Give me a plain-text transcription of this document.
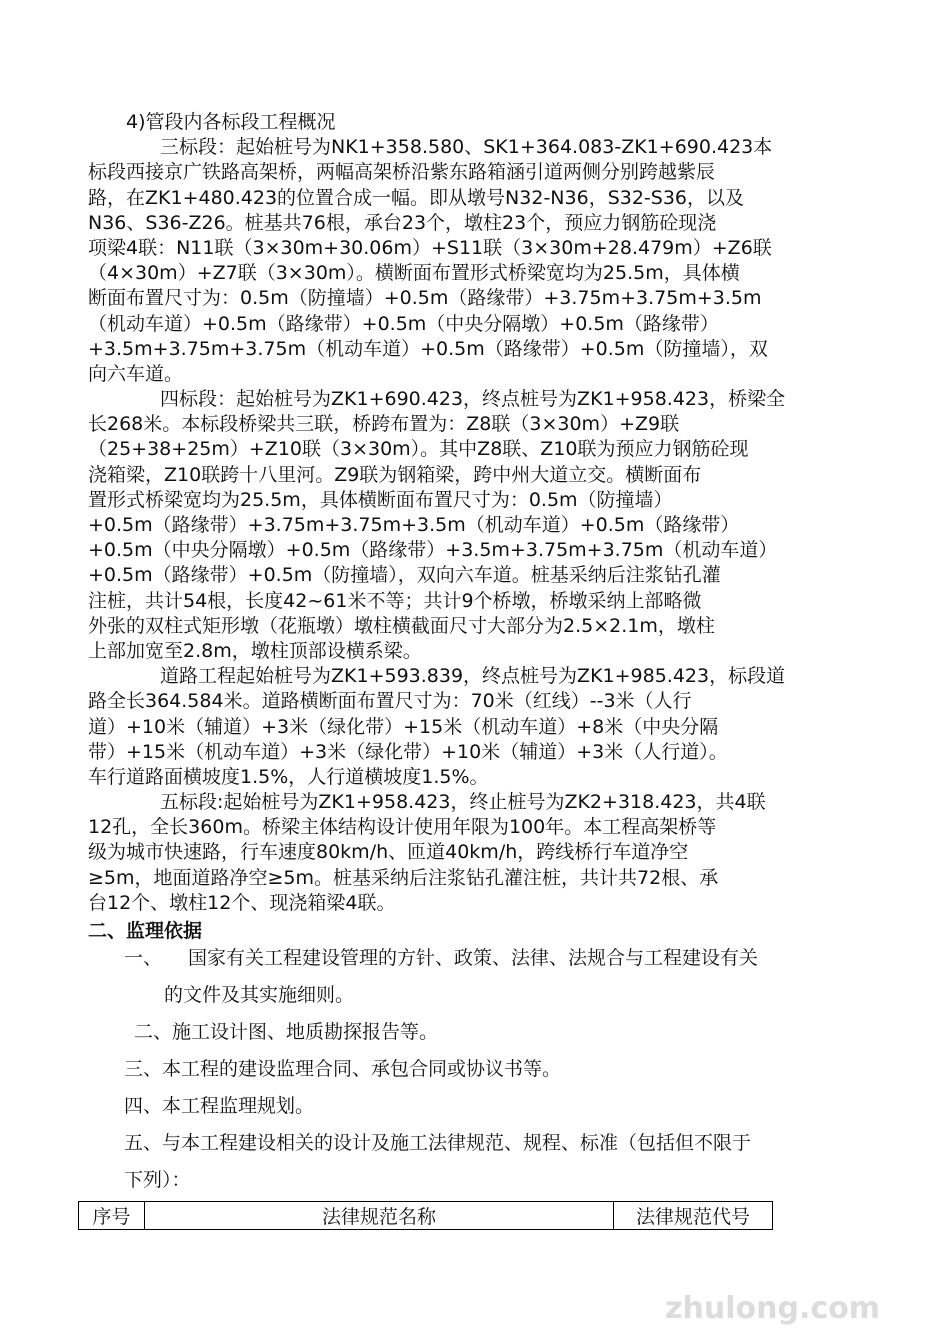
4)管段内各标段工程概况
三标段：起始桩号为NK1+358.580、SK1+364.083-ZK1+690.423本
标段西接京广铁路高架桥，两幅高架桥沿紫东路箱涵引道两侧分别跨越紫辰
路，在ZK1+480.423的位置合成一幅。即从墩号N32-N36，S32-S36，以及
N36、S36-Z26。桩基共76根，承台23个，墩柱23个，预应力钢筋砼现浇
项梁4联：N11联（3×30m+30.06m）+S11联（3×30m+28.479m）+Z6联
（4×30m）+Z7联（3×30m）。横断面布置形式桥梁宽均为25.5m，具体横
断面布置尺寸为：0.5m（防撞墙）+0.5m（路缘带）+3.75m+3.75m+3.5m
（机动车道）+0.5m（路缘带）+0.5m（中央分隔墩）+0.5m（路缘带）
+3.5m+3.75m+3.75m（机动车道）+0.5m（路缘带）+0.5m（防撞墙），双
向六车道。
四标段：起始桩号为ZK1+690.423，终点桩号为ZK1+958.423，桥梁全
长268米。本标段桥梁共三联，桥跨布置为：Z8联（3×30m）+Z9联
（25+38+25m）+Z10联（3×30m）。其中Z8联、Z10联为预应力钢筋砼现
浇箱梁，Z10联跨十八里河。Z9联为钢箱梁，跨中州大道立交。横断面布
置形式桥梁宽均为25.5m，具体横断面布置尺寸为：0.5m（防撞墙）
+0.5m（路缘带）+3.75m+3.75m+3.5m（机动车道）+0.5m（路缘带）
+0.5m（中央分隔墩）+0.5m（路缘带）+3.5m+3.75m+3.75m（机动车道）
+0.5m（路缘带）+0.5m（防撞墙），双向六车道。桩基采纳后注浆钻孔灌
注桩，共计54根，长度42~61米不等；共计9个桥墩，桥墩采纳上部略微
外张的双柱式矩形墩（花瓶墩）墩柱横截面尺寸大部分为2.5×2.1m，墩柱
上部加宽至2.8m，墩柱顶部设横系梁。
道路工程起始桩号为ZK1+593.839，终点桩号为ZK1+985.423，标段道
路全长364.584米。道路横断面布置尺寸为：70米（红线）--3米（人行
道）+10米（辅道）+3米（绿化带）+15米（机动车道）+8米（中央分隔
带）+15米（机动车道）+3米（绿化带）+10米（辅道）+3米（人行道）。
车行道路面横坡度1.5%，人行道横坡度1.5%。
五标段:起始桩号为ZK1+958.423，终止桩号为ZK2+318.423，共4联
12孔，全长360m。桥梁主体结构设计使用年限为100年。本工程高架桥等
级为城市快速路，行车速度80km/h、匝道40km/h，跨线桥行车道净空
≥5m，地面道路净空≥5m。桩基采纳后注浆钻孔灌注桩，共计共72根、承
台12个、墩柱12个、现浇箱梁4联。
二、监理依据
一、 国家有关工程建设管理的方针、政策、法律、法规合与工程建设有关
的文件及其实施细则。
二、施工设计图、地质勘探报告等。
三、本工程的建设监理合同、承包合同或协议书等。
四、本工程监理规划。
五、与本工程建设相关的设计及施工法律规范、规程、标准（包括但不限于
下列）：
序号	法律规范名称	法律规范代号
zhulong.com
